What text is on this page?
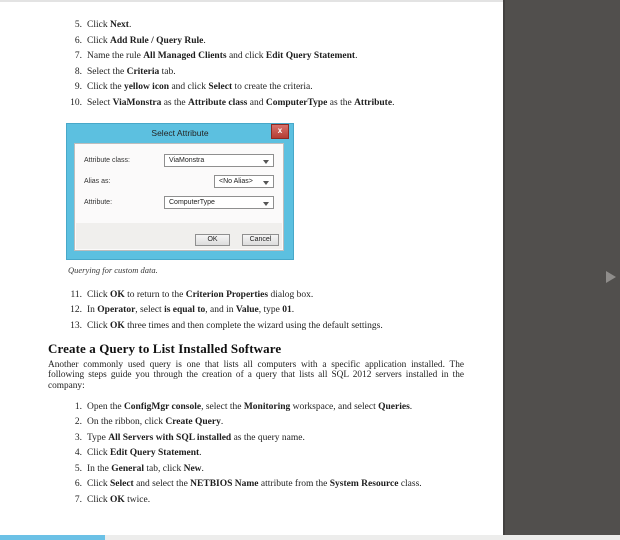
5. Click Next.
6. Click Add Rule / Query Rule.
7. Name the rule All Managed Clients and click Edit Query Statement.
8. Select the Criteria tab.
9. Click the yellow icon and click Select to create the criteria.
10. Select ViaMonstra as the Attribute class and ComputerType as the Attribute.
Select Attribute	x
Attribute class:	ViaMonstra
Alias as:	<No Alias>
Attribute:	ComputerType
OK	Cancel
Querying for custom data.
11. Click OK to return to the Criterion Properties dialog box.
12. In Operator, select is equal to, and in Value, type 01.
13. Click OK three times and then complete the wizard using the default settings.
Create a Query to List Installed Software
Another commonly used query is one that lists all computers with a specific application installed. The following steps guide you through the creation of a query that lists all SQL 2012 servers installed in the company:
1. Open the ConfigMgr console, select the Monitoring workspace, and select Queries.
2. On the ribbon, click Create Query.
3. Type All Servers with SQL installed as the query name.
4. Click Edit Query Statement.
5. In the General tab, click New.
6. Click Select and select the NETBIOS Name attribute from the System Resource class.
7. Click OK twice.
